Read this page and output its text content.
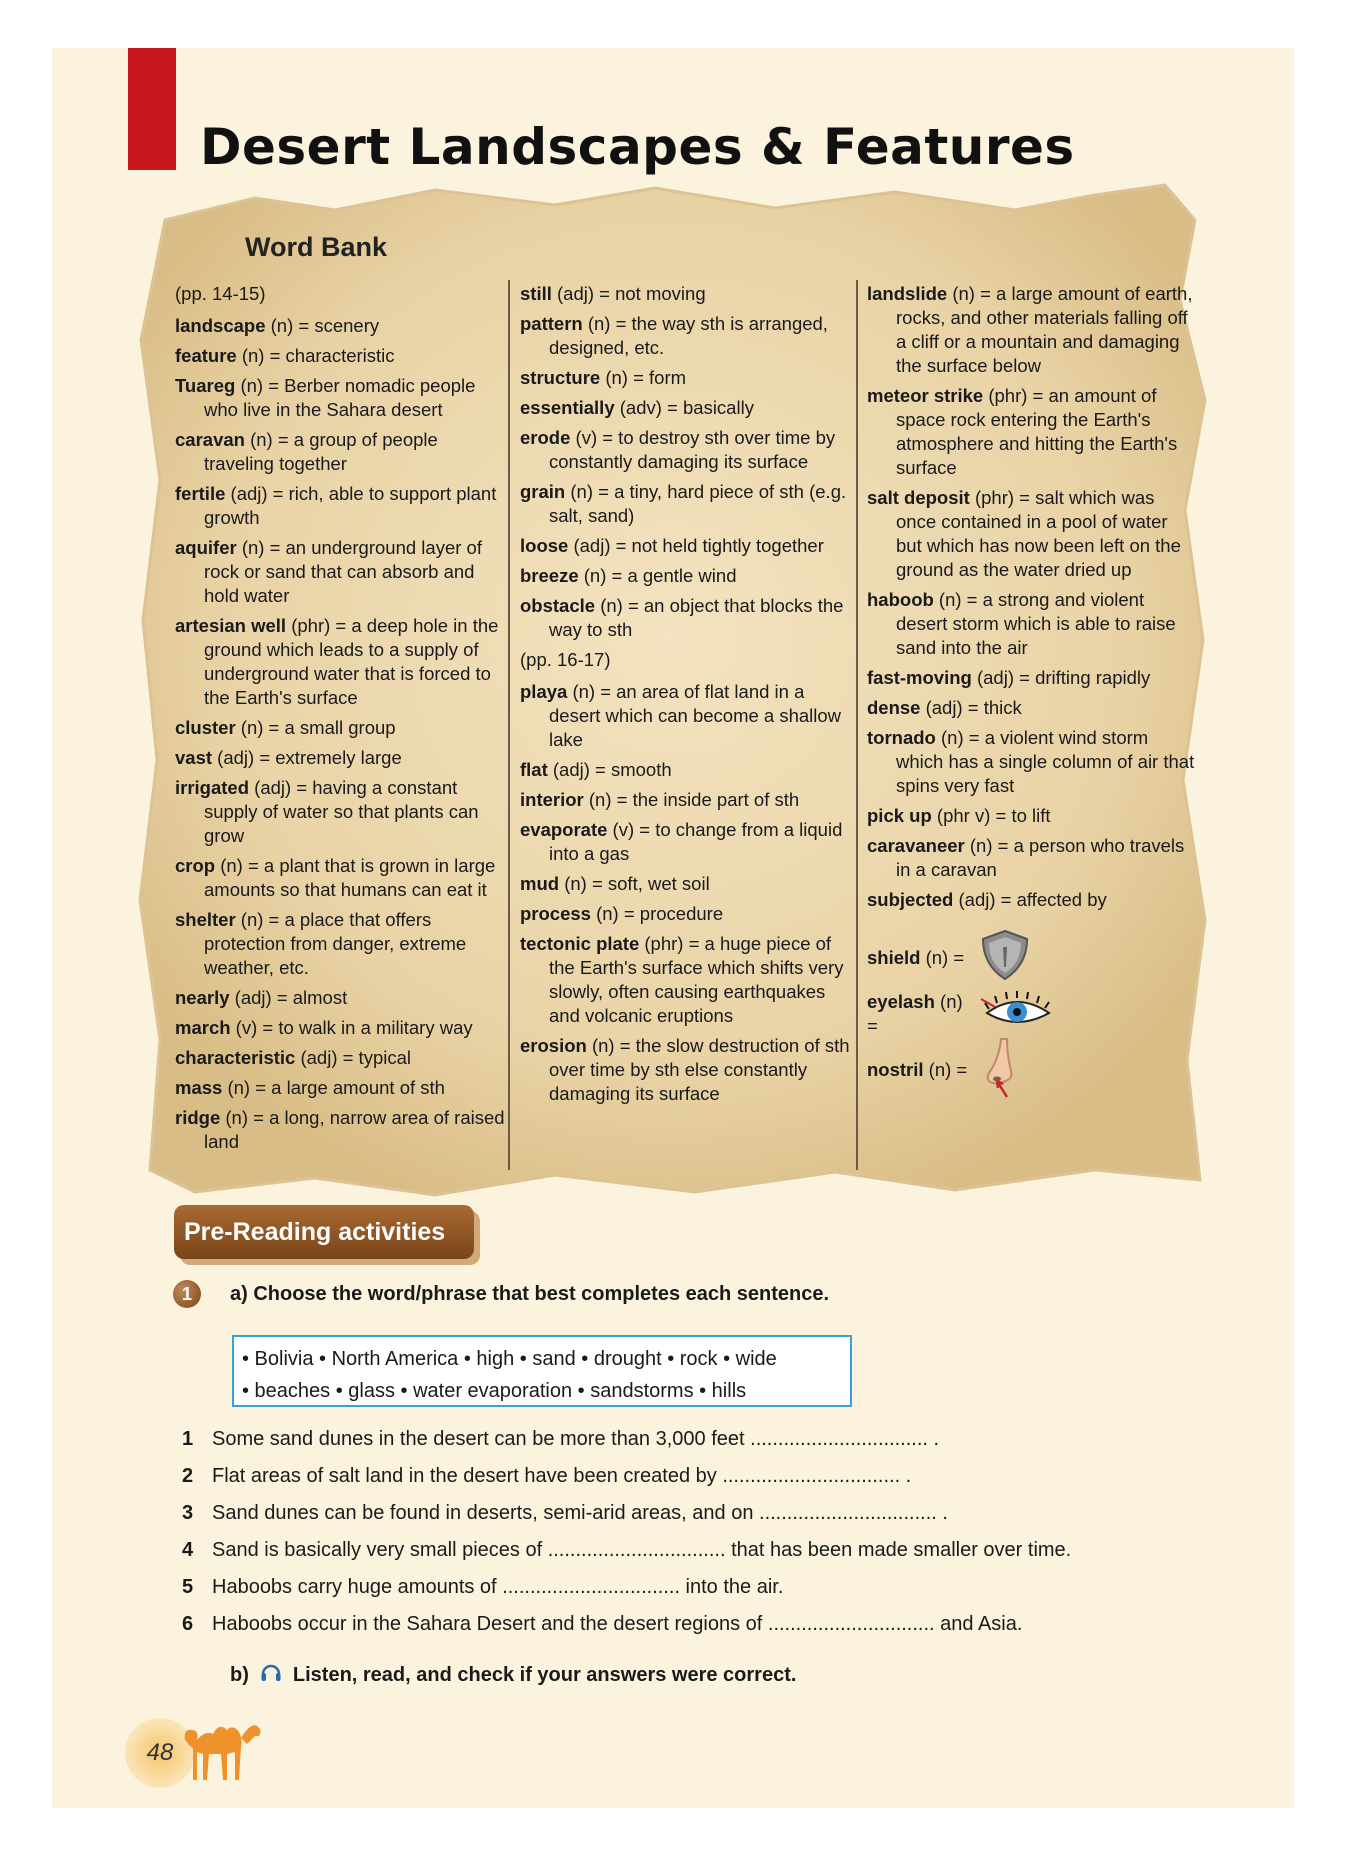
Desert Landscapes & Features
Word Bank
(pp. 14-15)
landscape (n) = scenery
feature (n) = characteristic
Tuareg (n) = Berber nomadic people who live in the Sahara desert
caravan (n) = a group of people traveling together
fertile (adj) = rich, able to support plant growth
aquifer (n) = an underground layer of rock or sand that can absorb and hold water
artesian well (phr) = a deep hole in the ground which leads to a supply of underground water that is forced to the Earth's surface
cluster (n) = a small group
vast (adj) = extremely large
irrigated (adj) = having a constant supply of water so that plants can grow
crop (n) = a plant that is grown in large amounts so that humans can eat it
shelter (n) = a place that offers protection from danger, extreme weather, etc.
nearly (adj) = almost
march (v) = to walk in a military way
characteristic (adj) = typical
mass (n) = a large amount of sth
ridge (n) = a long, narrow area of raised land
still (adj) = not moving
pattern (n) = the way sth is arranged, designed, etc.
structure (n) = form
essentially (adv) = basically
erode (v) = to destroy sth over time by constantly damaging its surface
grain (n) = a tiny, hard piece of sth (e.g. salt, sand)
loose (adj) = not held tightly together
breeze (n) = a gentle wind
obstacle (n) = an object that blocks the way to sth
(pp. 16-17)
playa (n) = an area of flat land in a desert which can become a shallow lake
flat (adj) = smooth
interior (n) = the inside part of sth
evaporate (v) = to change from a liquid into a gas
mud (n) = soft, wet soil
process (n) = procedure
tectonic plate (phr) = a huge piece of the Earth's surface which shifts very slowly, often causing earthquakes and volcanic eruptions
erosion (n) = the slow destruction of sth over time by sth else constantly damaging its surface
landslide (n) = a large amount of earth, rocks, and other materials falling off a cliff or a mountain and damaging the surface below
meteor strike (phr) = an amount of space rock entering the Earth's atmosphere and hitting the Earth's surface
salt deposit (phr) = salt which was once contained in a pool of water but which has now been left on the ground as the water dried up
haboob (n) = a strong and violent desert storm which is able to raise sand into the air
fast-moving (adj) = drifting rapidly
dense (adj) = thick
tornado (n) = a violent wind storm which has a single column of air that spins very fast
pick up (phr v) = to lift
caravaneer (n) = a person who travels in a caravan
subjected (adj) = affected by
shield (n) =
eyelash (n) =
nostril (n) =
Pre-Reading activities
1	a) Choose the word/phrase that best completes each sentence.
• Bolivia • North America • high • sand • drought • rock • wide
• beaches • glass • water evaporation • sandstorms • hills
1 Some sand dunes in the desert can be more than 3,000 feet ................................ .
2 Flat areas of salt land in the desert have been created by ................................ .
3 Sand dunes can be found in deserts, semi-arid areas, and on ................................ .
4 Sand is basically very small pieces of ................................ that has been made smaller over time.
5 Haboobs carry huge amounts of ................................ into the air.
6 Haboobs occur in the Sahara Desert and the desert regions of .............................. and Asia.
b) Listen, read, and check if your answers were correct.
48
